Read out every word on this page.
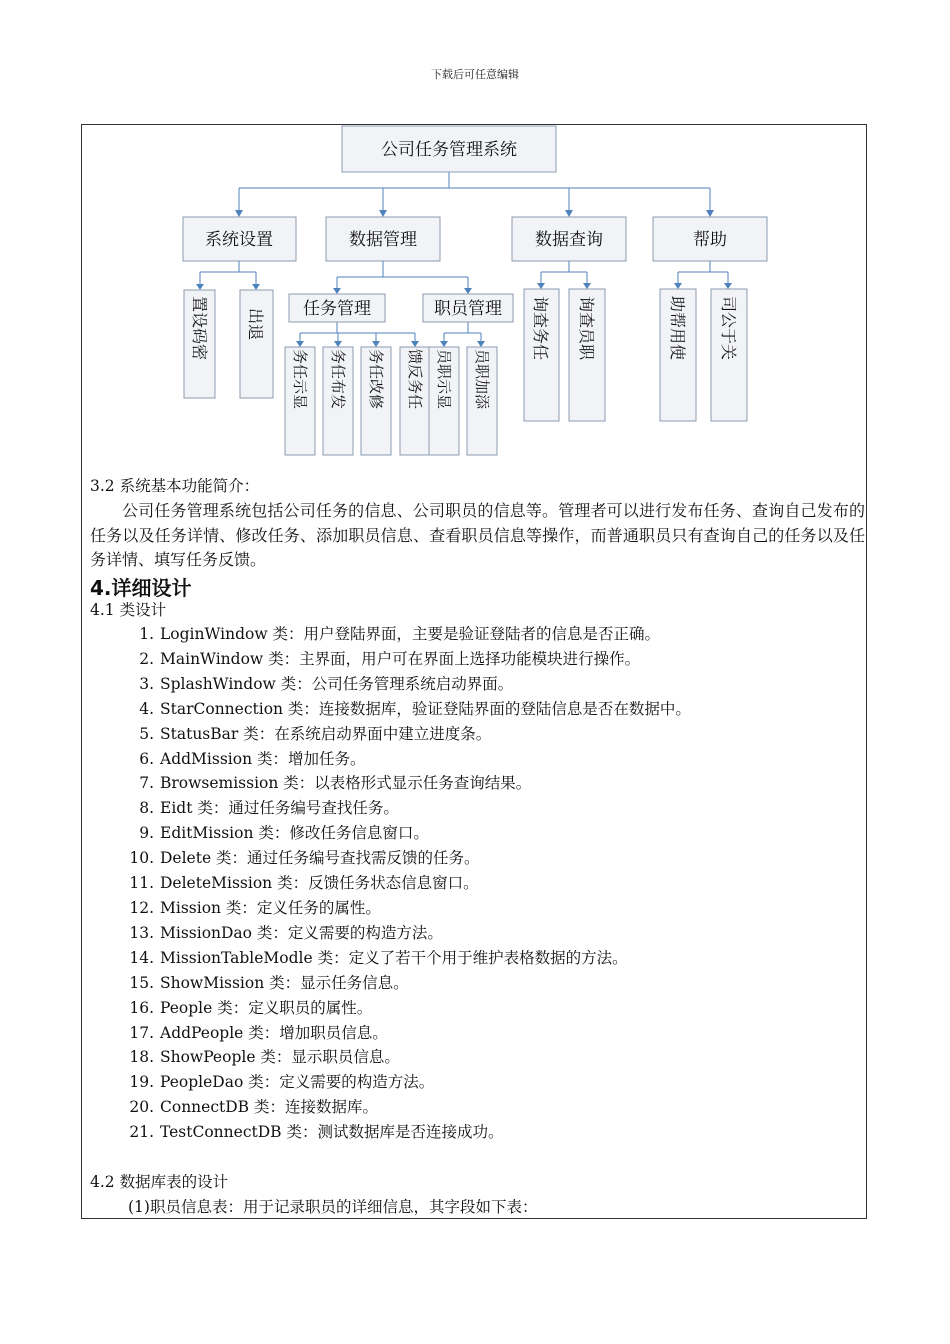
下载后可任意编辑
公司任务管理系统
系统设置	数据管理	数据查询	帮助
任务管理	职员管理
置设码密 出退
务任示显 务任布发 务任改修 馈反务任 员职示显 员职加添
询查务任 询查员职	助帮用使 司公于关
3.2 系统基本功能简介：
公司任务管理系统包括公司任务的信息、公司职员的信息等。管理者可以进行发布任务、查询自己发布的任务以及任务详情、修改任务、添加职员信息、查看职员信息等操作，而普通职员只有查询自己的任务以及任务详情、填写任务反馈。
4.详细设计
4.1 类设计
1. LoginWindow 类：用户登陆界面，主要是验证登陆者的信息是否正确。
2. MainWindow 类：主界面，用户可在界面上选择功能模块进行操作。
3. SplashWindow 类：公司任务管理系统启动界面。
4. StarConnection 类：连接数据库，验证登陆界面的登陆信息是否在数据中。
5. StatusBar 类：在系统启动界面中建立进度条。
6. AddMission 类：增加任务。
7. Browsemission 类：以表格形式显示任务查询结果。
8. Eidt 类：通过任务编号查找任务。
9. EditMission 类：修改任务信息窗口。
10. Delete 类：通过任务编号查找需反馈的任务。
11. DeleteMission 类：反馈任务状态信息窗口。
12. Mission 类：定义任务的属性。
13. MissionDao 类：定义需要的构造方法。
14. MissionTableModle 类：定义了若干个用于维护表格数据的方法。
15. ShowMission 类：显示任务信息。
16. People 类：定义职员的属性。
17. AddPeople 类：增加职员信息。
18. ShowPeople 类：显示职员信息。
19. PeopleDao 类：定义需要的构造方法。
20. ConnectDB 类：连接数据库。
21. TestConnectDB 类：测试数据库是否连接成功。
4.2 数据库表的设计
(1)职员信息表：用于记录职员的详细信息，其字段如下表：
